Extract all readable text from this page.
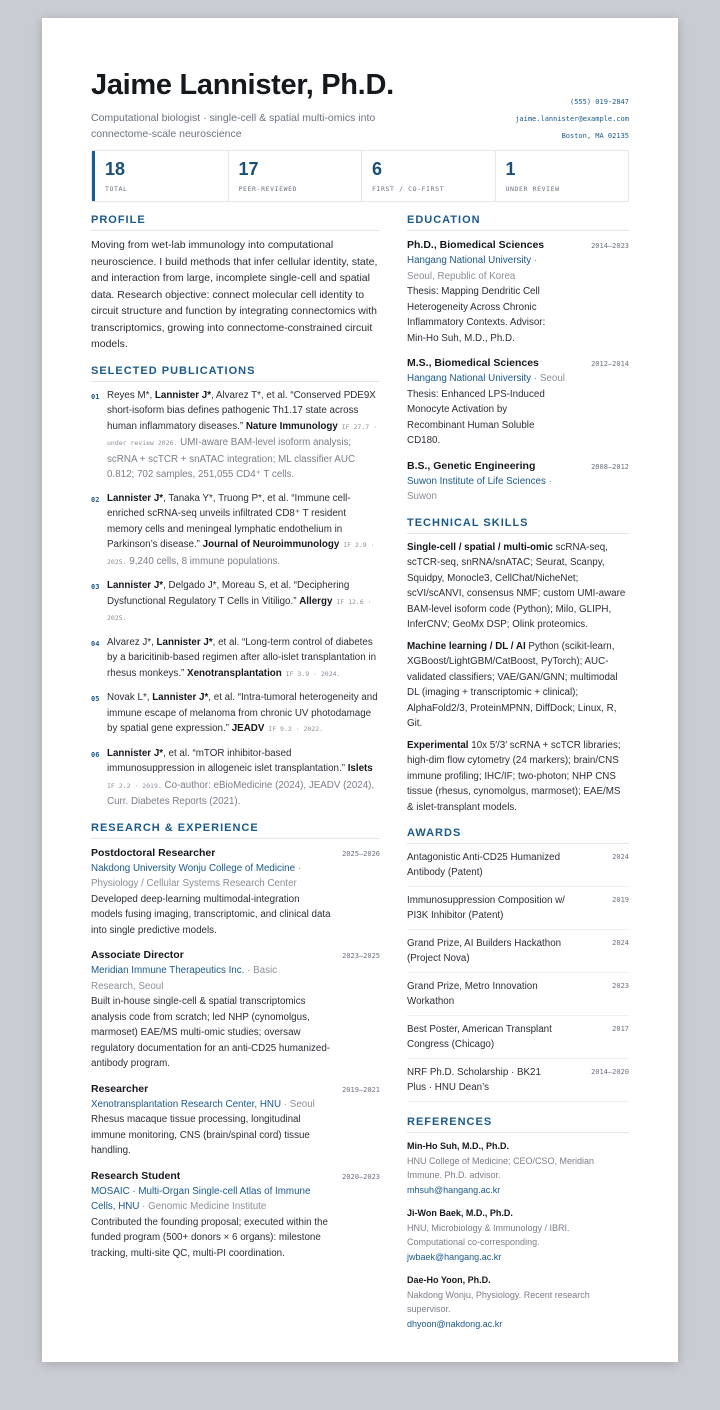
Jaime Lannister, Ph.D.
Computational biologist · single-cell & spatial multi-omics into connectome-scale neuroscience
(555) 019-2847
jaime.lannister@example.com
Boston, MA 02135
18
TOTAL
17
PEER-REVIEWED
6
FIRST / CO-FIRST
1
UNDER REVIEW
PROFILE
Moving from wet-lab immunology into computational neuroscience. I build methods that infer cellular identity, state, and interaction from large, incomplete single-cell and spatial data. Research objective: connect molecular cell identity to circuit structure and function by integrating connectomics with transcriptomics, growing into connectome-constrained circuit models.
SELECTED PUBLICATIONS
01 Reyes M*, Lannister J*, Alvarez T*, et al. “Conserved PDE9X short-isoform bias defines pathogenic Th1.17 state across human inflammatory diseases.” Nature Immunology IF 27.7 · under review 2026. UMI-aware BAM-level isoform analysis; scRNA + scTCR + snATAC integration; ML classifier AUC 0.812; 702 samples, 251,055 CD4⁺ T cells.
02 Lannister J*, Tanaka Y*, Truong P*, et al. “Immune cell-enriched scRNA-seq unveils infiltrated CD8⁺ T resident memory cells and meningeal lymphatic endothelium in Parkinson’s disease.” Journal of Neuroimmunology IF 2.9 · 2025. 9,240 cells, 8 immune populations.
03 Lannister J*, Delgado J*, Moreau S, et al. “Deciphering Dysfunctional Regulatory T Cells in Vitiligo.” Allergy IF 12.6 · 2025.
04 Alvarez J*, Lannister J*, et al. “Long-term control of diabetes by a baricitinib-based regimen after allo-islet transplantation in rhesus monkeys.” Xenotransplantation IF 3.9 · 2024.
05 Novak L*, Lannister J*, et al. “Intra-tumoral heterogeneity and immune escape of melanoma from chronic UV photodamage by spatial gene expression.” JEADV IF 9.2 · 2022.
06 Lannister J*, et al. “mTOR inhibitor-based immunosuppression in allogeneic islet transplantation.” Islets IF 2.2 · 2019. Co-author: eBioMedicine (2024), JEADV (2024), Curr. Diabetes Reports (2021).
RESEARCH & EXPERIENCE
Postdoctoral Researcher	2025–2026
Nakdong University Wonju College of Medicine · Physiology / Cellular Systems Research Center
Developed deep-learning multimodal-integration models fusing imaging, transcriptomic, and clinical data into single predictive models.
Associate Director	2023–2025
Meridian Immune Therapeutics Inc. · Basic Research, Seoul
Built in-house single-cell & spatial transcriptomics analysis code from scratch; led NHP (cynomolgus, marmoset) EAE/MS multi-omic studies; oversaw regulatory documentation for an anti-CD25 humanized-antibody program.
Researcher	2019–2021
Xenotransplantation Research Center, HNU · Seoul
Rhesus macaque tissue processing, longitudinal immune monitoring, CNS (brain/spinal cord) tissue handling.
Research Student	2020–2023
MOSAIC · Multi-Organ Single-cell Atlas of Immune Cells, HNU · Genomic Medicine Institute
Contributed the founding proposal; executed within the funded program (500+ donors × 6 organs): milestone tracking, multi-site QC, multi-PI coordination.
EDUCATION
Ph.D., Biomedical Sciences	2014–2023
Hangang National University · Seoul, Republic of Korea
Thesis: Mapping Dendritic Cell Heterogeneity Across Chronic Inflammatory Contexts. Advisor: Min-Ho Suh, M.D., Ph.D.
M.S., Biomedical Sciences	2012–2014
Hangang National University · Seoul
Thesis: Enhanced LPS-Induced Monocyte Activation by Recombinant Human Soluble CD180.
B.S., Genetic Engineering	2008–2012
Suwon Institute of Life Sciences · Suwon
TECHNICAL SKILLS
Single-cell / spatial / multi-omic scRNA-seq, scTCR-seq, snRNA/snATAC; Seurat, Scanpy, Squidpy, Monocle3, CellChat/NicheNet; scVI/scANVI, consensus NMF; custom UMI-aware BAM-level isoform code (Python); Milo, GLIPH, InferCNV; GeoMx DSP; Olink proteomics.
Machine learning / DL / AI Python (scikit-learn, XGBoost/LightGBM/CatBoost, PyTorch); AUC-validated classifiers; VAE/GAN/GNN; multimodal DL (imaging + transcriptomic + clinical); AlphaFold2/3, ProteinMPNN, DiffDock; Linux, R, Git.
Experimental 10x 5′/3′ scRNA + scTCR libraries; high-dim flow cytometry (24 markers); brain/CNS immune profiling; IHC/IF; two-photon; NHP CNS tissue (rhesus, cynomolgus, marmoset); EAE/MS & islet-transplant models.
AWARDS
Antagonistic Anti-CD25 Humanized Antibody (Patent)
2024
Immunosuppression Composition w/ PI3K Inhibitor (Patent)
2019
Grand Prize, AI Builders Hackathon (Project Nova)
2024
Grand Prize, Metro Innovation Workathon
2023
Best Poster, American Transplant Congress (Chicago)
2017
NRF Ph.D. Scholarship · BK21 Plus · HNU Dean’s
2014–2020
REFERENCES
Min-Ho Suh, M.D., Ph.D.
HNU College of Medicine; CEO/CSO, Meridian Immune. Ph.D. advisor.
mhsuh@hangang.ac.kr
Ji-Won Baek, M.D., Ph.D.
HNU, Microbiology & Immunology / IBRI. Computational co-corresponding.
jwbaek@hangang.ac.kr
Dae-Ho Yoon, Ph.D.
Nakdong Wonju, Physiology. Recent research supervisor.
dhyoon@nakdong.ac.kr
